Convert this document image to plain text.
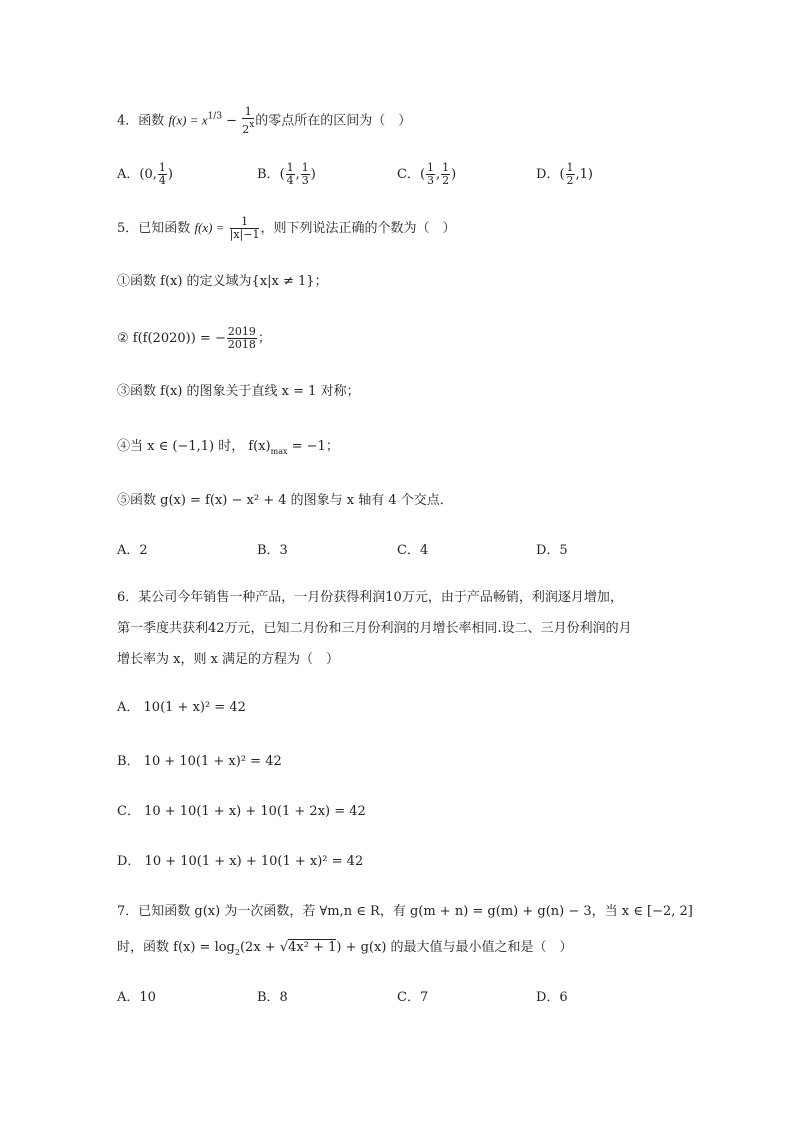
4．函数 $f(x) = x^{1/3} - \frac{1}{2^x}$ 的零点所在的区间为（　）
A．(0, $\frac{1}{4}$ )	B．( $\frac{1}{4}$ , $\frac{1}{3}$ )	C．( $\frac{1}{3}$ , $\frac{1}{2}$ )	D．( $\frac{1}{2} ,1$)
5．已知函数 $f(x) = \frac{1}{|x|-1}$ ，则下列说法正确的个数为（　）
①函数 f(x) 的定义域为{x|x ≠ 1}；
② f(f(2020)) = − $\frac{2019}{2018}$ ；
③函数 f(x) 的图象关于直线 x = 1 对称；
④当 x ∈ (−1,1) 时， $f(x)_{max} = -1$；
⑤函数 g(x) = f(x) − x² + 4 的图象与 x 轴有 4 个交点．
A．2	B．3	C．4	D．5
6．某公司今年销售一种产品，一月份获得利润10万元，由于产品畅销，利润逐月增加，
第一季度共获利42万元，已知二月份和三月份利润的月增长率相同.设二、三月份利润的月
增长率为 x，则 x 满足的方程为（　）
A． 10(1 + x)² = 42
B． 10 + 10(1 + x)² = 42
C． 10 + 10(1 + x) + 10(1 + 2x) = 42
D． 10 + 10(1 + x) + 10(1 + x)² = 42
7．已知函数 g(x) 为一次函数，若 ∀m,n ∈ R，有 g(m + n) = g(m) + g(n) − 3，当 x ∈ [−2, 2]
时，函数 $f(x) = \log_2(2x + √4x^2 + 1) + g(x)$ 的最大值与最小值之和是（　）
A．10	B．8	C．7	D．6
